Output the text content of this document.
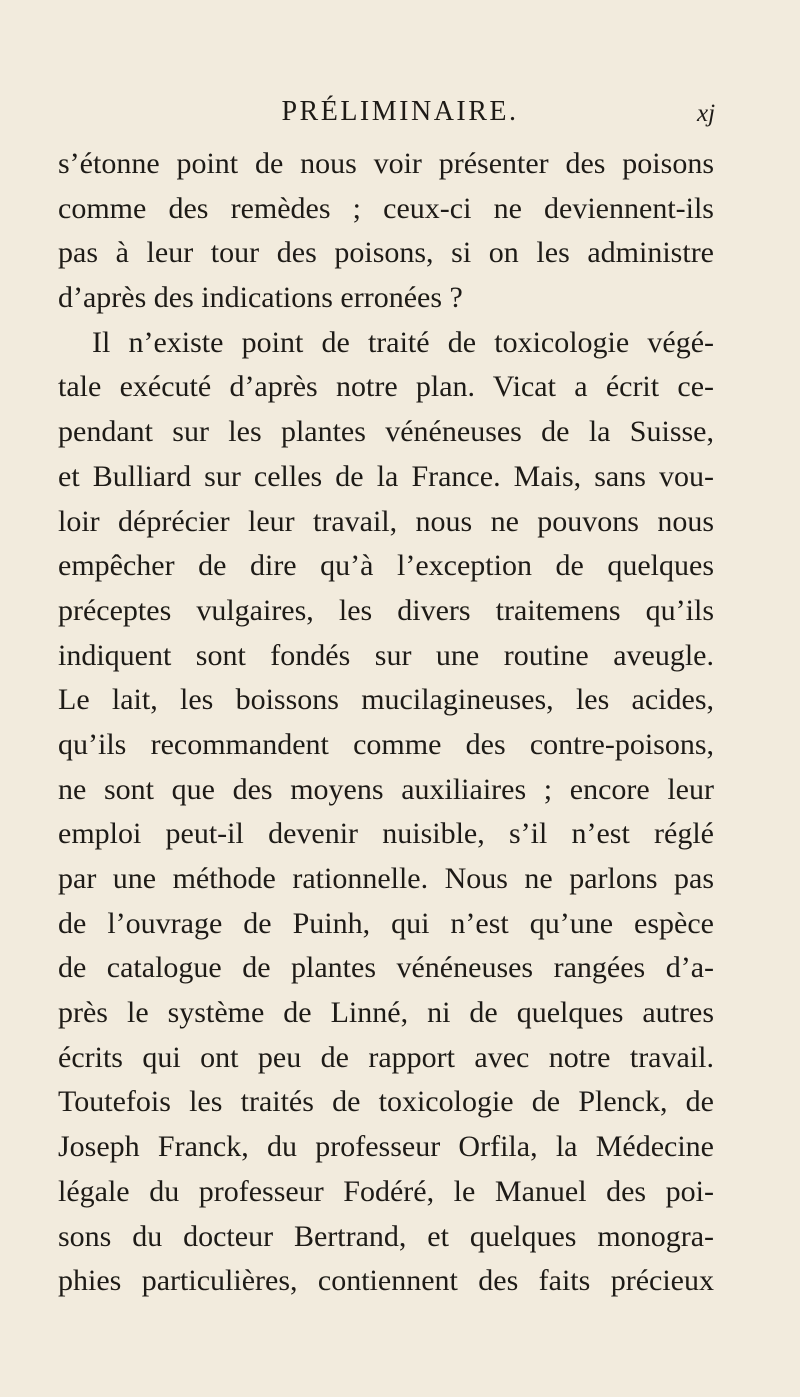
PRÉLIMINAIRE.	xj
s’étonne point de nous voir présenter des poisons
comme des remèdes ; ceux-ci ne deviennent-ils
pas à leur tour des poisons, si on les administre
d’après des indications erronées ?
Il n’existe point de traité de toxicologie végé-
tale exécuté d’après notre plan. Vicat a écrit ce-
pendant sur les plantes vénéneuses de la Suisse,
et Bulliard sur celles de la France. Mais, sans vou-
loir déprécier leur travail, nous ne pouvons nous
empêcher de dire qu’à l’exception de quelques
préceptes vulgaires, les divers traitemens qu’ils
indiquent sont fondés sur une routine aveugle.
Le lait, les boissons mucilagineuses, les acides,
qu’ils recommandent comme des contre-poisons,
ne sont que des moyens auxiliaires ; encore leur
emploi peut-il devenir nuisible, s’il n’est réglé
par une méthode rationnelle. Nous ne parlons pas
de l’ouvrage de Puinh, qui n’est qu’une espèce
de catalogue de plantes vénéneuses rangées d’a-
près le système de Linné, ni de quelques autres
écrits qui ont peu de rapport avec notre travail.
Toutefois les traités de toxicologie de Plenck, de
Joseph Franck, du professeur Orfila, la Médecine
légale du professeur Fodéré, le Manuel des poi-
sons du docteur Bertrand, et quelques monogra-
phies particulières, contiennent des faits précieux
